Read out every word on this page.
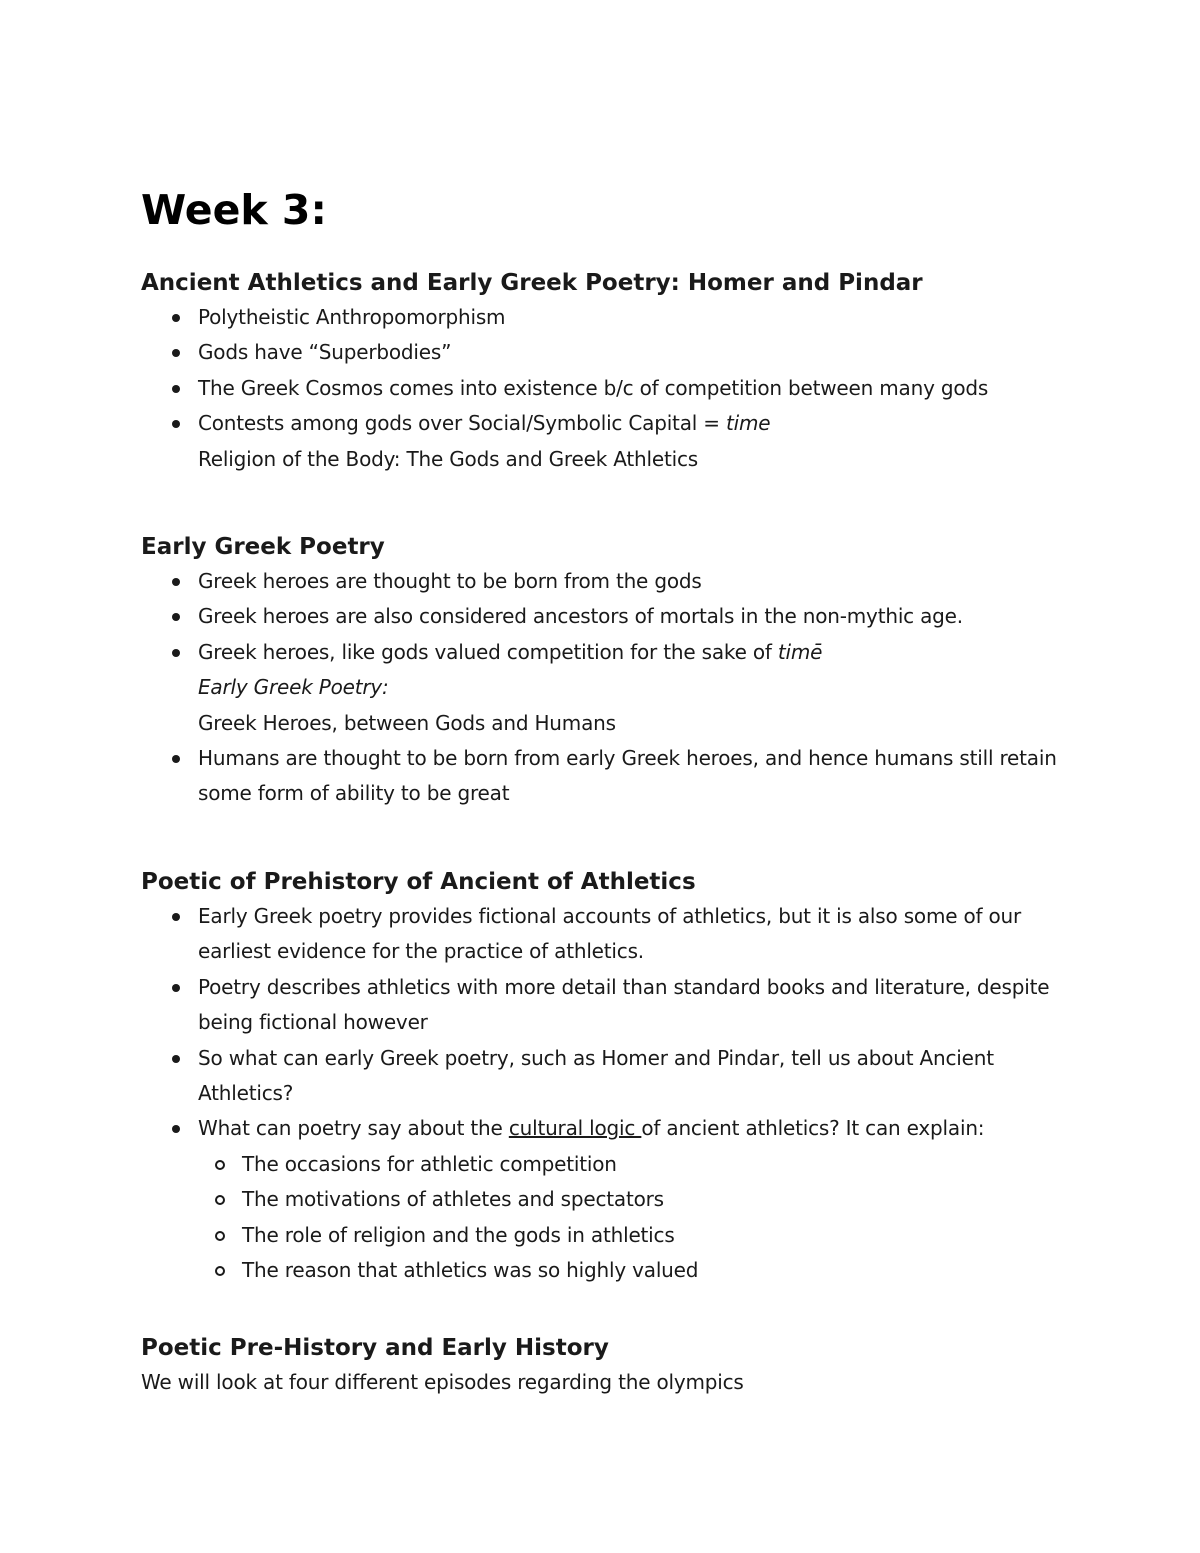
Week 3:
Ancient Athletics and Early Greek Poetry: Homer and Pindar
Polytheistic Anthropomorphism
Gods have “Superbodies”
The Greek Cosmos comes into existence b/c of competition between many gods
Contests among gods over Social/Symbolic Capital = time
Religion of the Body: The Gods and Greek Athletics
Early Greek Poetry
Greek heroes are thought to be born from the gods
Greek heroes are also considered ancestors of mortals in the non-mythic age.
Greek heroes, like gods valued competition for the sake of timē
Early Greek Poetry:
Greek Heroes, between Gods and Humans
Humans are thought to be born from early Greek heroes, and hence humans still retain some form of ability to be great
Poetic of Prehistory of Ancient of Athletics
Early Greek poetry provides fictional accounts of athletics, but it is also some of our earliest evidence for the practice of athletics.
Poetry describes athletics with more detail than standard books and literature, despite being fictional however
So what can early Greek poetry, such as Homer and Pindar, tell us about Ancient Athletics?
What can poetry say about the cultural logic of ancient athletics? It can explain:
The occasions for athletic competition
The motivations of athletes and spectators
The role of religion and the gods in athletics
The reason that athletics was so highly valued
Poetic Pre-History and Early History
We will look at four different episodes regarding the olympics
